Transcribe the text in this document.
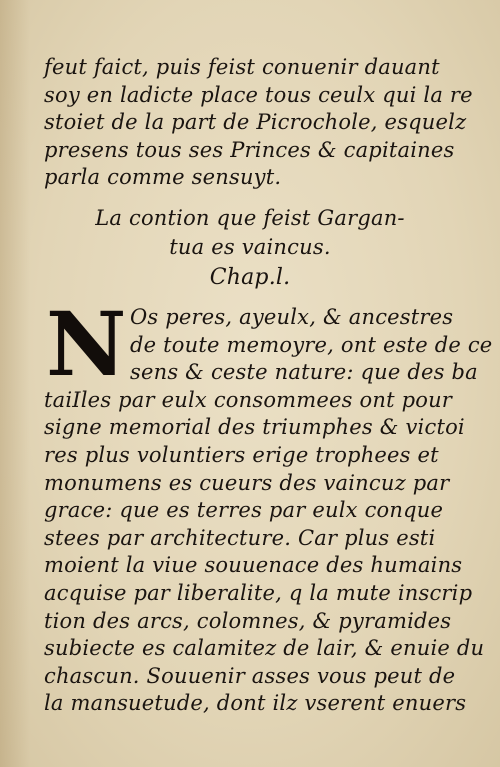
feut faict, puis feist conuenir dauant
soy en ladicte place tous ceulx qui la re
stoiet de la part de Picrochole, esquelz
presens tous ses Princes & capitaines
parla comme sensuyt.
La contion que feist Gargan-
tua es vaincus.
Chap.l.
N Os peres, ayeulx, & ancestres
de toute memoyre, ont este de ce
sens & ceste nature: que des ba
taiIles par eulx consommees ont pour
signe memorial des triumphes & victoi
res plus voluntiers erige trophees et
monumens es cueurs des vaincuz par
grace: que es terres par eulx conque
stees par architecture. Car plus esti
moient la viue souuenace des humains
acquise par liberalite, q la mute inscrip
tion des arcs, colomnes, & pyramides
subiecte es calamitez de lair, & enuie du
chascun. Souuenir asses vous peut de
la mansuetude, dont ilz vserent enuers
